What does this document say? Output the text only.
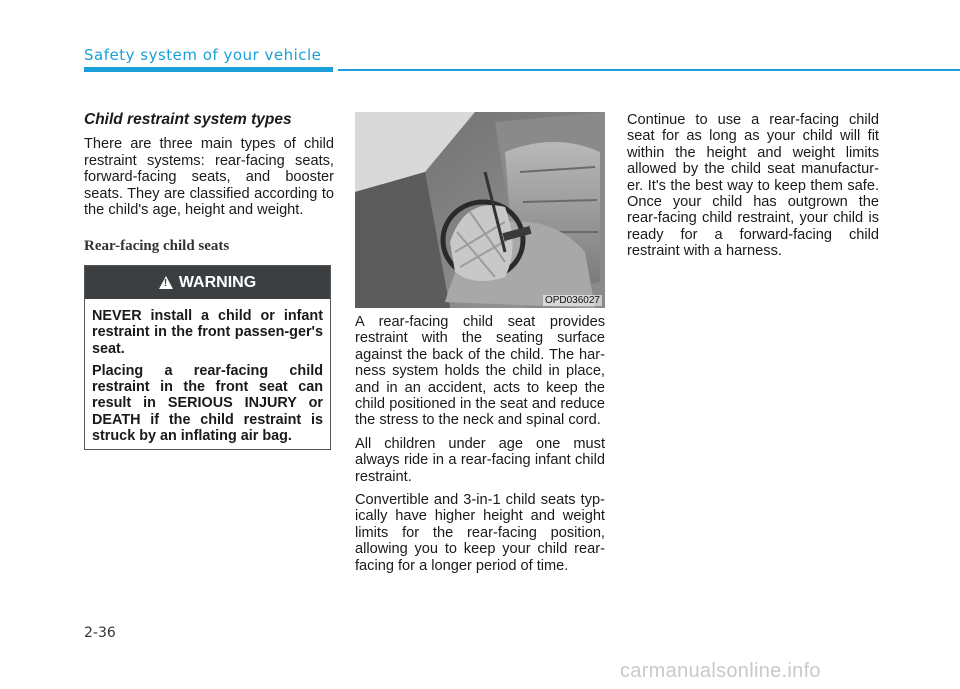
Safety system of your vehicle
Child restraint system types

There are three main types of child restraint systems: rear-facing seats, forward-facing seats, and booster seats. They are classified according to the child's age, height and weight.

Rear-facing child seats
! WARNING

NEVER install a child or infant restraint in the front passen-ger's seat.

Placing a rear-facing child restraint in the front seat can result in SERIOUS INJURY or DEATH if the child restraint is struck by an inflating air bag.

OPD036027

A rear-facing child seat provides restraint with the seating surface against the back of the child. The har-ness system holds the child in place, and in an accident, acts to keep the child positioned in the seat and reduce the stress to the neck and spinal cord.

All children under age one must always ride in a rear-facing infant child restraint.

Convertible and 3-in-1 child seats typ-ically have higher height and weight limits for the rear-facing position, allowing you to keep your child rear-facing for a longer period of time.

Continue to use a rear-facing child seat for as long as your child will fit within the height and weight limits allowed by the child seat manufactur-er. It's the best way to keep them safe. Once your child has outgrown the rear-facing child restraint, your child is ready for a forward-facing child restraint with a harness.

2-36
carmanualsonline.info
